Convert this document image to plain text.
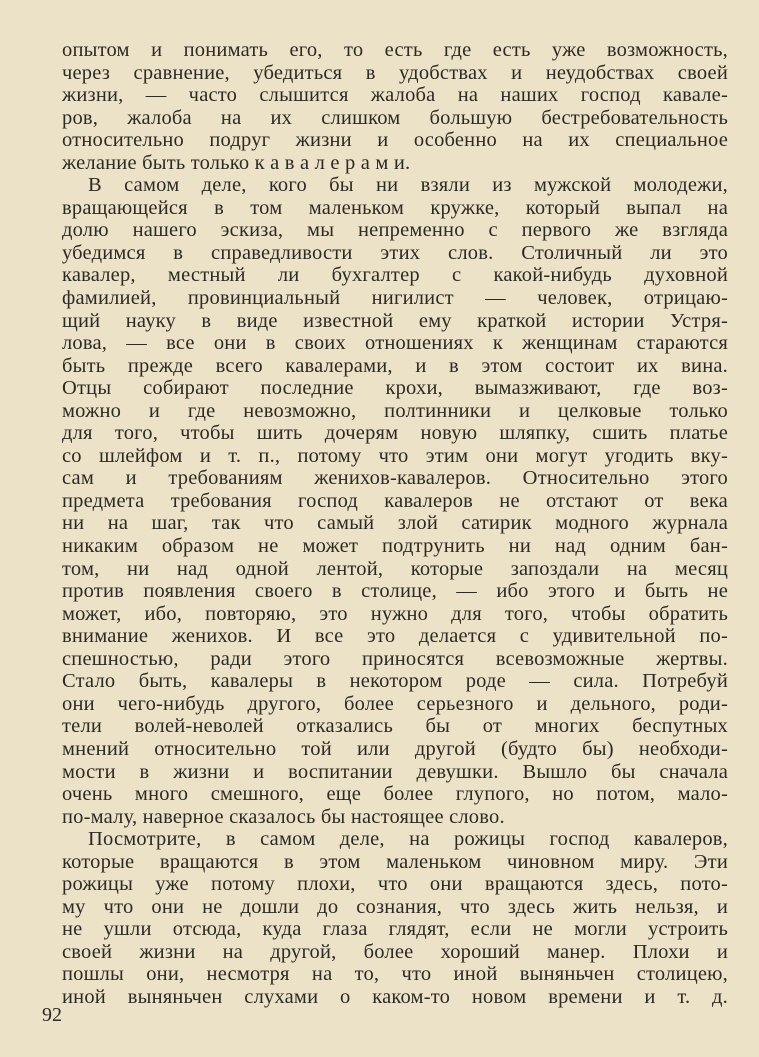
опытом и понимать его, то есть где есть уже возможность,
через сравнение, убедиться в удобствах и неудобствах своей
жизни, — часто слышится жалоба на наших господ кавале-
ров, жалоба на их слишком большую бестребовательность
относительно подруг жизни и особенно на их специальное
желание быть только к а в а л е р а м и.
В самом деле, кого бы ни взяли из мужской молодежи,
вращающейся в том маленьком кружке, который выпал на
долю нашего эскиза, мы непременно с первого же взгляда
убедимся в справедливости этих слов. Столичный ли это
кавалер, местный ли бухгалтер с какой-нибудь духовной
фамилией, провинциальный нигилист — человек, отрицаю-
щий науку в виде известной ему краткой истории Устря-
лова, — все они в своих отношениях к женщинам стараются
быть прежде всего кавалерами, и в этом состоит их вина.
Отцы собирают последние крохи, вымазживают, где воз-
можно и где невозможно, полтинники и целковые только
для того, чтобы шить дочерям новую шляпку, сшить платье
со шлейфом и т. п., потому что этим они могут угодить вку-
сам и требованиям женихов-кавалеров. Относительно этого
предмета требования господ кавалеров не отстают от века
ни на шаг, так что самый злой сатирик модного журнала
никаким образом не может подтрунить ни над одним бан-
том, ни над одной лентой, которые запоздали на месяц
против появления своего в столице, — ибо этого и быть не
может, ибо, повторяю, это нужно для того, чтобы обратить
внимание женихов. И все это делается с удивительной по-
спешностью, ради этого приносятся всевозможные жертвы.
Стало быть, кавалеры в некотором роде — сила. Потребуй
они чего-нибудь другого, более серьезного и дельного, роди-
тели волей-неволей отказались бы от многих беспутных
мнений относительно той или другой (будто бы) необходи-
мости в жизни и воспитании девушки. Вышло бы сначала
очень много смешного, еще более глупого, но потом, мало-
по-малу, наверное сказалось бы настоящее слово.
Посмотрите, в самом деле, на рожицы господ кавалеров,
которые вращаются в этом маленьком чиновном миру. Эти
рожицы уже потому плохи, что они вращаются здесь, пото-
му что они не дошли до сознания, что здесь жить нельзя, и
не ушли отсюда, куда глаза глядят, если не могли устроить
своей жизни на другой, более хороший манер. Плохи и
пошлы они, несмотря на то, что иной выняньчен столицею,
иной выняньчен слухами о каком-то новом времени и т. д.
92
